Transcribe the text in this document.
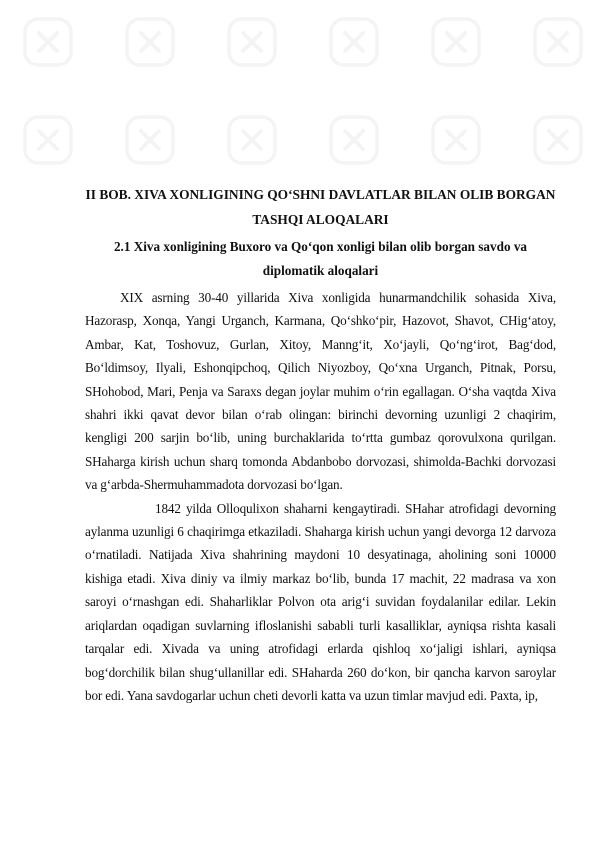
II BOB. XIVA XONLIGINING QO‘SHNI DAVLATLAR BILAN OLIB BORGAN TASHQI ALOQALARI
2.1 Xiva xonligining Buxoro va Qo‘qon xonligi bilan olib borgan savdo va diplomatik aloqalari

XIX asrning 30-40 yillarida Xiva xonligida hunarmandchilik sohasida Xiva, Hazorasp, Xonqa, Yangi Urganch, Karmana, Qo‘shko‘pir, Hazovot, Shavot, CHig‘atoy, Ambar, Kat, Toshovuz, Gurlan, Xitoy, Manng‘it, Xo‘jayli, Qo‘ng‘irot, Bag‘dod, Bo‘ldimsoy, Ilyali, Eshonqipchoq, Qilich Niyozboy, Qo‘xna Urganch, Pitnak, Porsu, SHohobod, Mari, Penja va Saraxs degan joylar muhim o‘rin egallagan. O‘sha vaqtda Xiva shahri ikki qavat devor bilan o‘rab olingan: birinchi devorning uzunligi 2 chaqirim, kengligi 200 sarjin bo‘lib, uning burchaklarida to‘rtta gumbaz qorovulxona qurilgan. SHaharga kirish uchun sharq tomonda Abdanbobo dorvozasi, shimolda-Bachki dorvozasi va g‘arbda-Shermuhammadota dorvozasi bo‘lgan.

1842 yilda Olloqulixon shaharni kengaytiradi. SHahar atrofidagi devorning aylanma uzunligi 6 chaqirimga etkaziladi. Shaharga kirish uchun yangi devorga 12 darvoza o‘rnatiladi. Natijada Xiva shahrining maydoni 10 desyatinaga, aholining soni 10000 kishiga etadi. Xiva diniy va ilmiy markaz bo‘lib, bunda 17 machit, 22 madrasa va xon saroyi o‘rnashgan edi. Shaharliklar Polvon ota arig‘i suvidan foydalanilar edilar. Lekin ariqlardan oqadigan suvlarning ifloslanishi sababli turli kasalliklar, ayniqsa rishta kasali tarqalar edi. Xivada va uning atrofidagi erlarda qishloq xo‘jaligi ishlari, ayniqsa bog‘dorchilik bilan shug‘ullanillar edi. SHaharda 260 do‘kon, bir qancha karvon saroylar bor edi. Yana savdogarlar uchun cheti devorli katta va uzun timlar mavjud edi. Paxta, ip,
